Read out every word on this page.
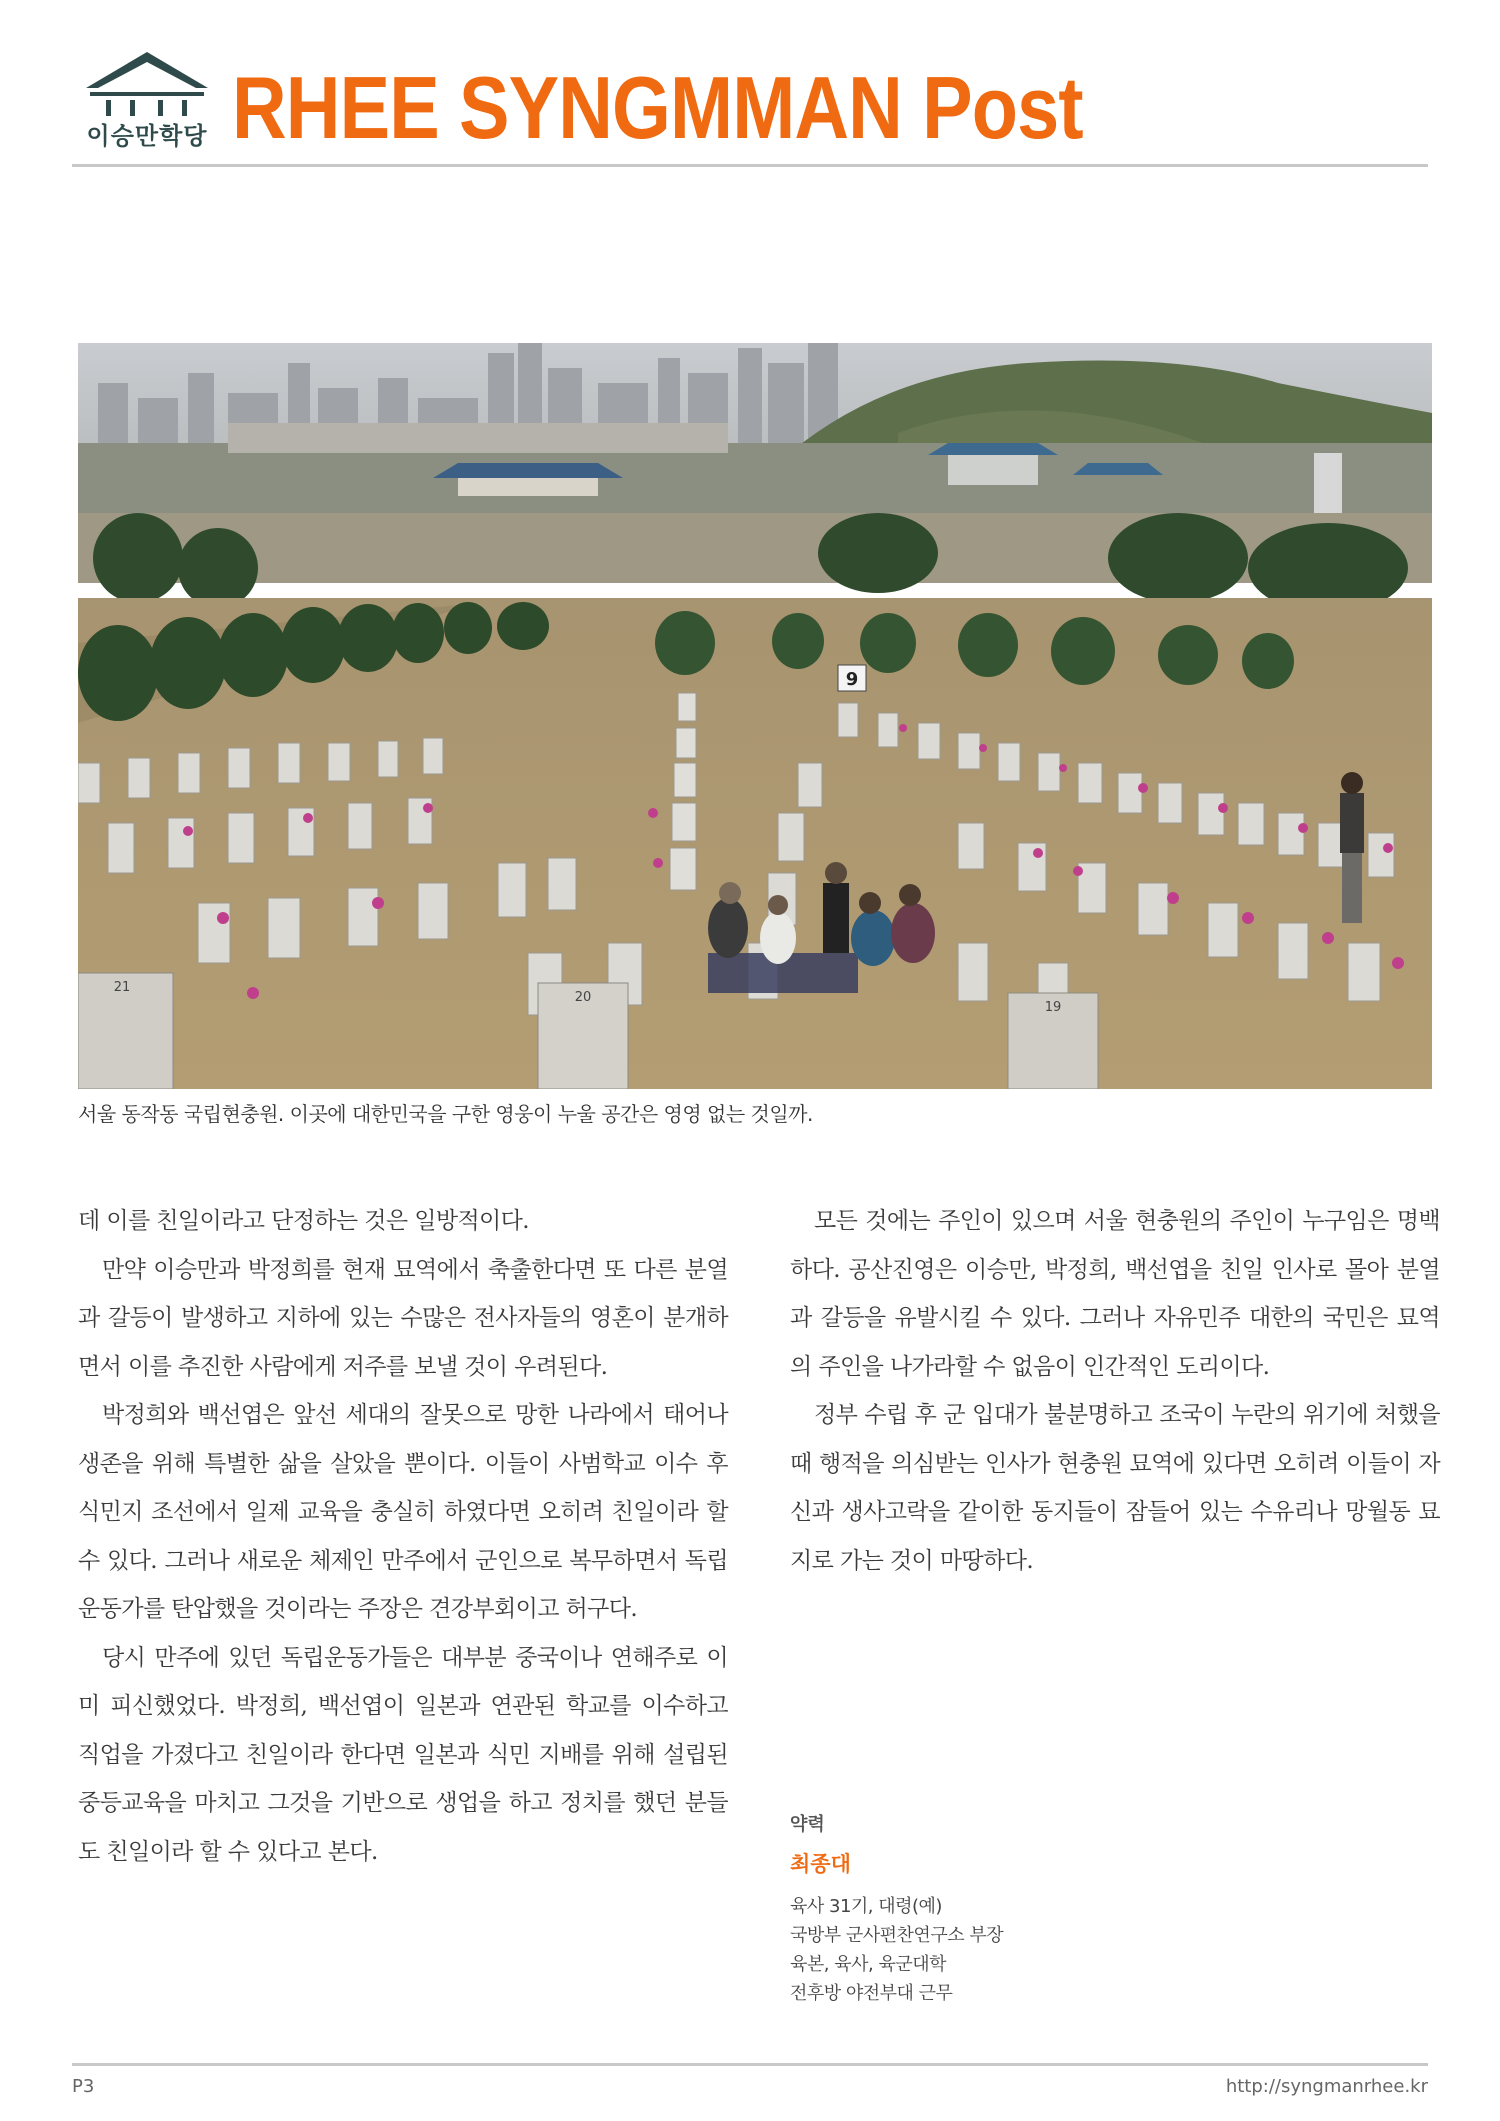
이승만학당 RHEE SYNGMMAN Post
9
21
20
19

서울 동작동 국립현충원. 이곳에 대한민국을 구한 영웅이 누울 공간은 영영 없는 것일까.

데 이를 친일이라고 단정하는 것은 일방적이다.

만약 이승만과 박정희를 현재 묘역에서 축출한다면 또 다른 분열과 갈등이 발생하고 지하에 있는 수많은 전사자들의 영혼이 분개하면서 이를 추진한 사람에게 저주를 보낼 것이 우려된다.

박정희와 백선엽은 앞선 세대의 잘못으로 망한 나라에서 태어나 생존을 위해 특별한 삶을 살았을 뿐이다. 이들이 사범학교 이수 후 식민지 조선에서 일제 교육을 충실히 하였다면 오히려 친일이라 할 수 있다. 그러나 새로운 체제인 만주에서 군인으로 복무하면서 독립운동가를 탄압했을 것이라는 주장은 견강부회이고 허구다.

당시 만주에 있던 독립운동가들은 대부분 중국이나 연해주로 이미 피신했었다. 박정희, 백선엽이 일본과 연관된 학교를 이수하고 직업을 가졌다고 친일이라 한다면 일본과 식민 지배를 위해 설립된 중등교육을 마치고 그것을 기반으로 생업을 하고 정치를 했던 분들도 친일이라 할 수 있다고 본다.

모든 것에는 주인이 있으며 서울 현충원의 주인이 누구임은 명백하다. 공산진영은 이승만, 박정희, 백선엽을 친일 인사로 몰아 분열과 갈등을 유발시킬 수 있다. 그러나 자유민주 대한의 국민은 묘역의 주인을 나가라할 수 없음이 인간적인 도리이다.

정부 수립 후 군 입대가 불분명하고 조국이 누란의 위기에 처했을 때 행적을 의심받는 인사가 현충원 묘역에 있다면 오히려 이들이 자신과 생사고락을 같이한 동지들이 잠들어 있는 수유리나 망월동 묘지로 가는 것이 마땅하다.

약력

최종대

육사 31기, 대령(예)

국방부 군사편찬연구소 부장

육본, 육사, 육군대학

전후방 야전부대 근무

P3	http://syngmanrhee.kr
